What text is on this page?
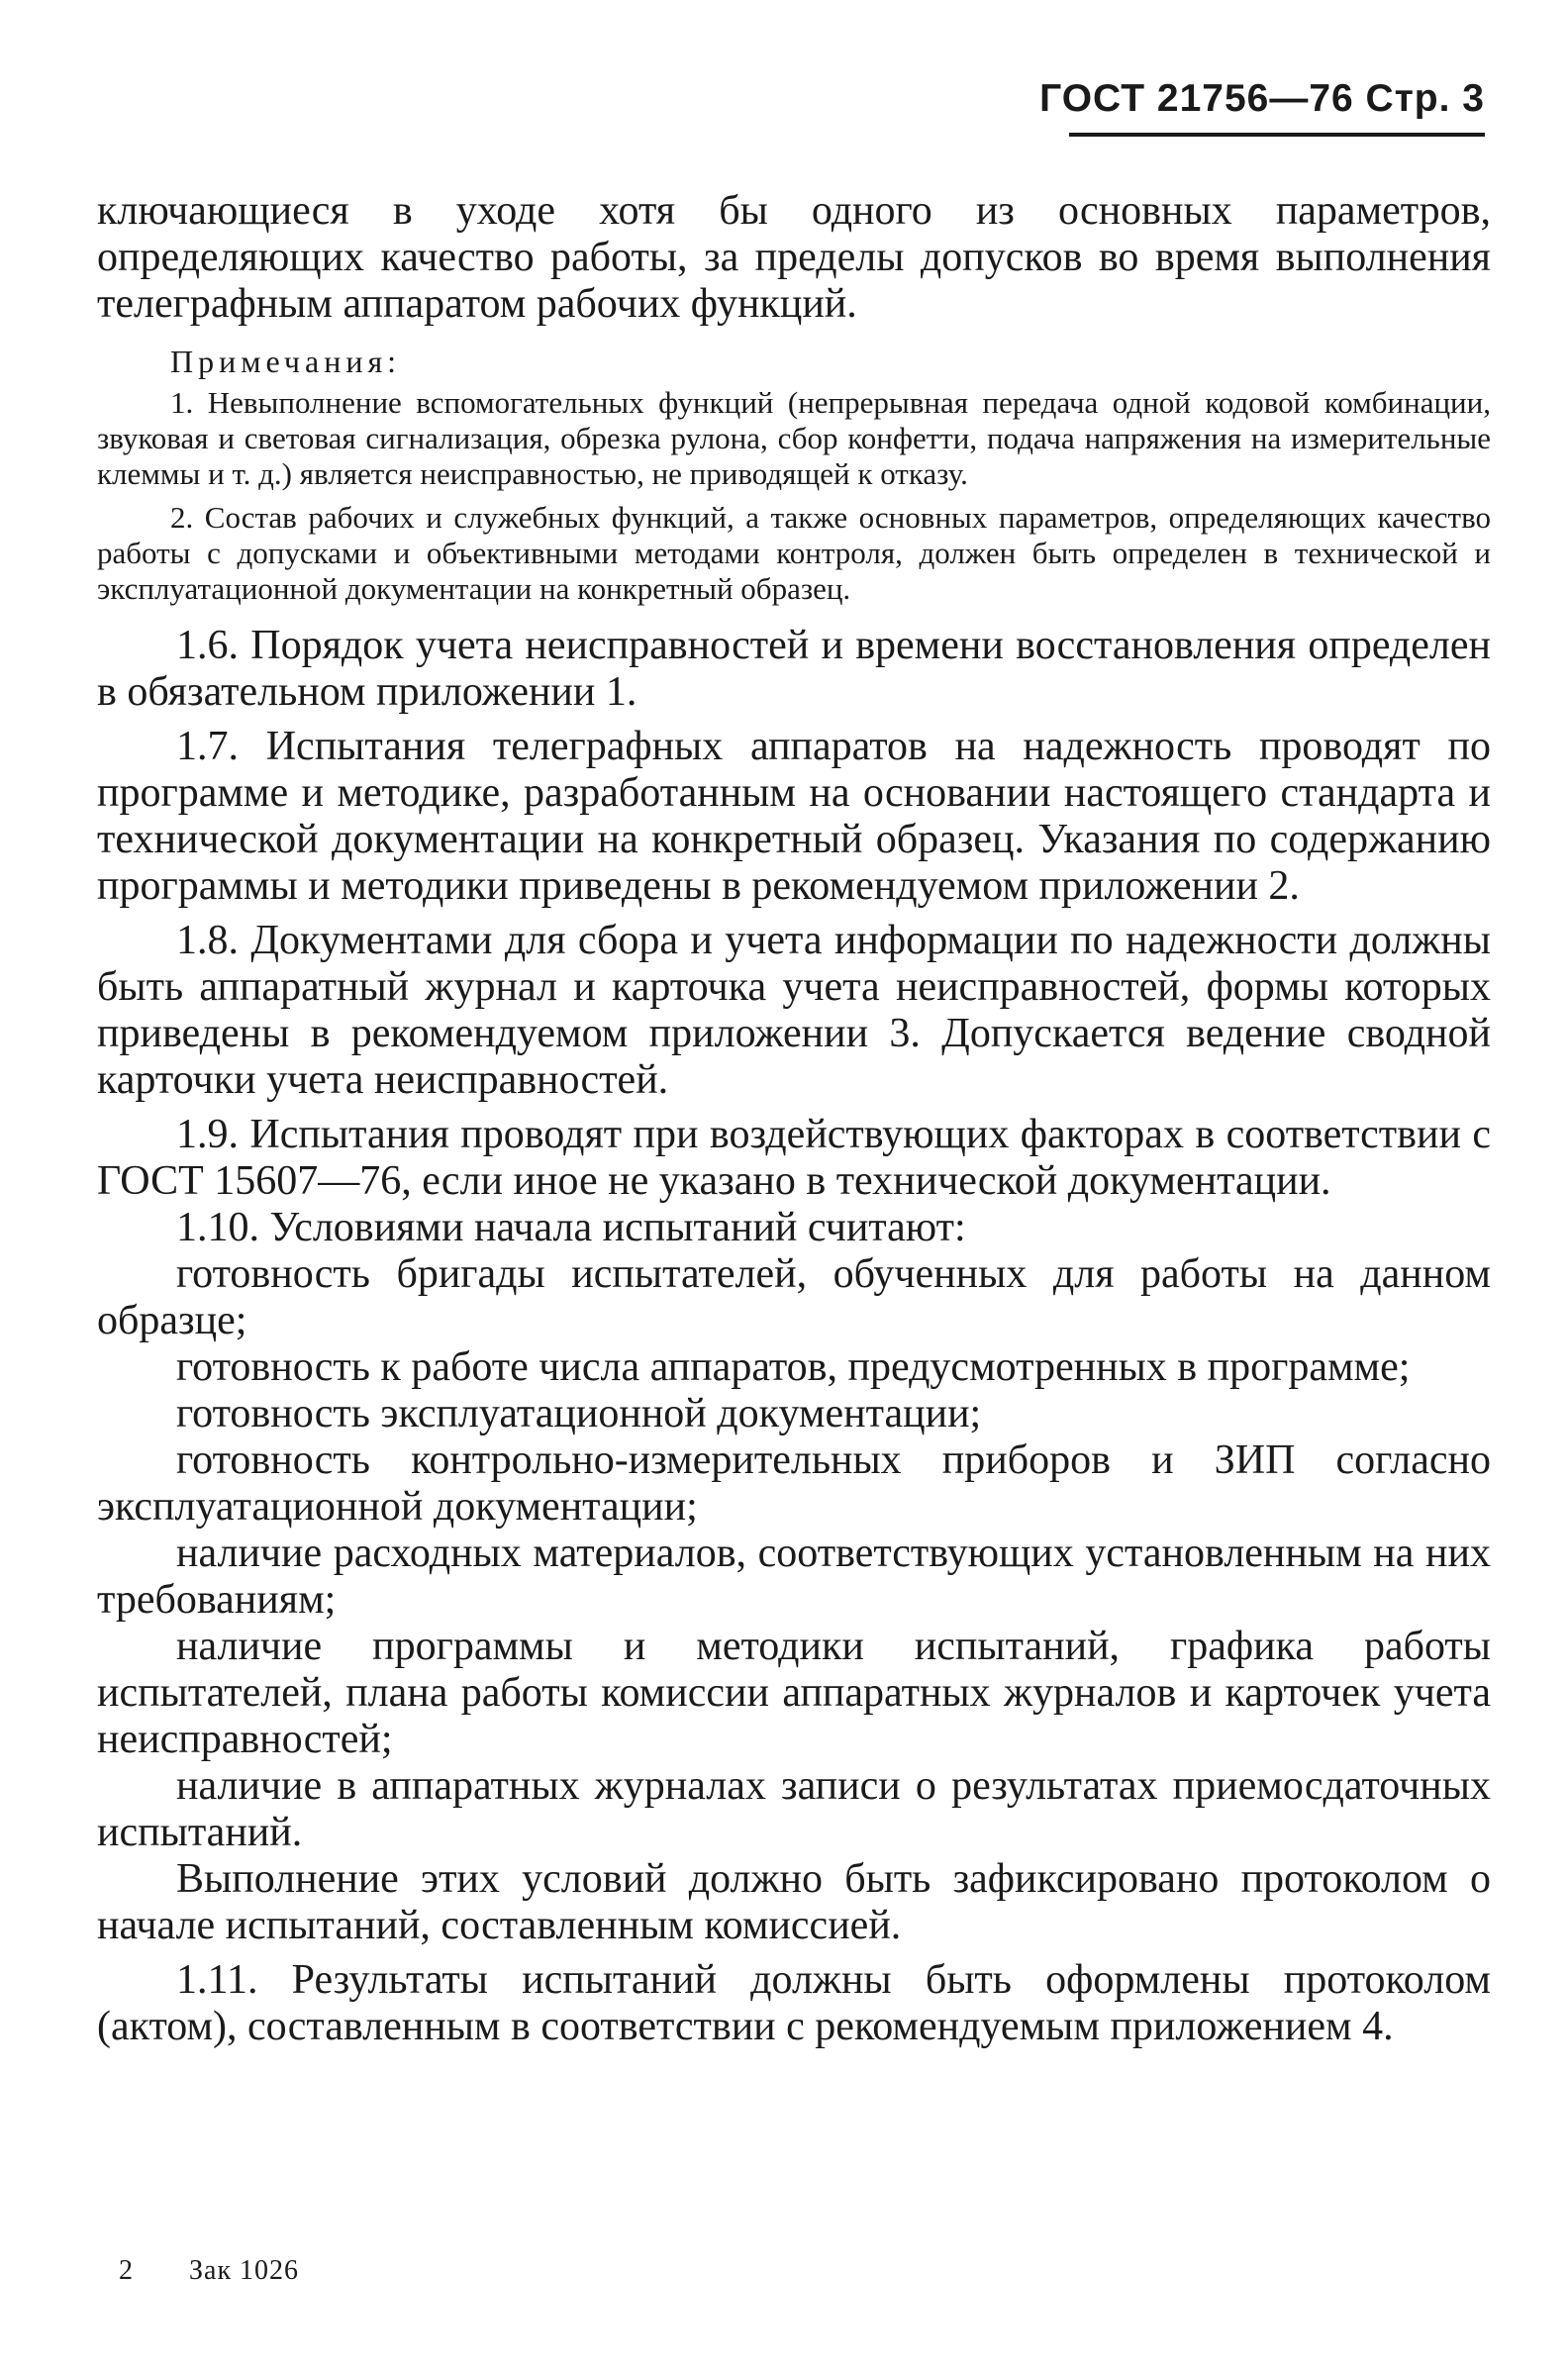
ГОСТ 21756—76 Стр. 3

ключающиеся в уходе хотя бы одного из основных параметров, определяющих качество работы, за пределы допусков во время выполнения телеграфным аппаратом рабочих функций.

Примечания:

1. Невыполнение вспомогательных функций (непрерывная передача одной кодовой комбинации, звуковая и световая сигнализация, обрезка рулона, сбор конфетти, подача напряжения на измерительные клеммы и т. д.) является неисправностью, не приводящей к отказу.

2. Состав рабочих и служебных функций, а также основных параметров, определяющих качество работы с допусками и объективными методами контроля, должен быть определен в технической и эксплуатационной документации на конкретный образец.

1.6. Порядок учета неисправностей и времени восстановления определен в обязательном приложении 1.

1.7. Испытания телеграфных аппаратов на надежность проводят по программе и методике, разработанным на основании настоящего стандарта и технической документации на конкретный образец. Указания по содержанию программы и методики приведены в рекомендуемом приложении 2.

1.8. Документами для сбора и учета информации по надежности должны быть аппаратный журнал и карточка учета неисправностей, формы которых приведены в рекомендуемом приложении 3. Допускается ведение сводной карточки учета неисправностей.

1.9. Испытания проводят при воздействующих факторах в соответствии с ГОСТ 15607—76, если иное не указано в технической документации.

1.10. Условиями начала испытаний считают:

готовность бригады испытателей, обученных для работы на данном образце;

готовность к работе числа аппаратов, предусмотренных в программе;

готовность эксплуатационной документации;

готовность контрольно-измерительных приборов и ЗИП согласно эксплуатационной документации;

наличие расходных материалов, соответствующих установленным на них требованиям;

наличие программы и методики испытаний, графика работы испытателей, плана работы комиссии аппаратных журналов и карточек учета неисправностей;

наличие в аппаратных журналах записи о результатах приемосдаточных испытаний.

Выполнение этих условий должно быть зафиксировано протоколом о начале испытаний, составленным комиссией.

1.11. Результаты испытаний должны быть оформлены протоколом (актом), составленным в соответствии с рекомендуемым приложением 4.

2 Зак 1026
